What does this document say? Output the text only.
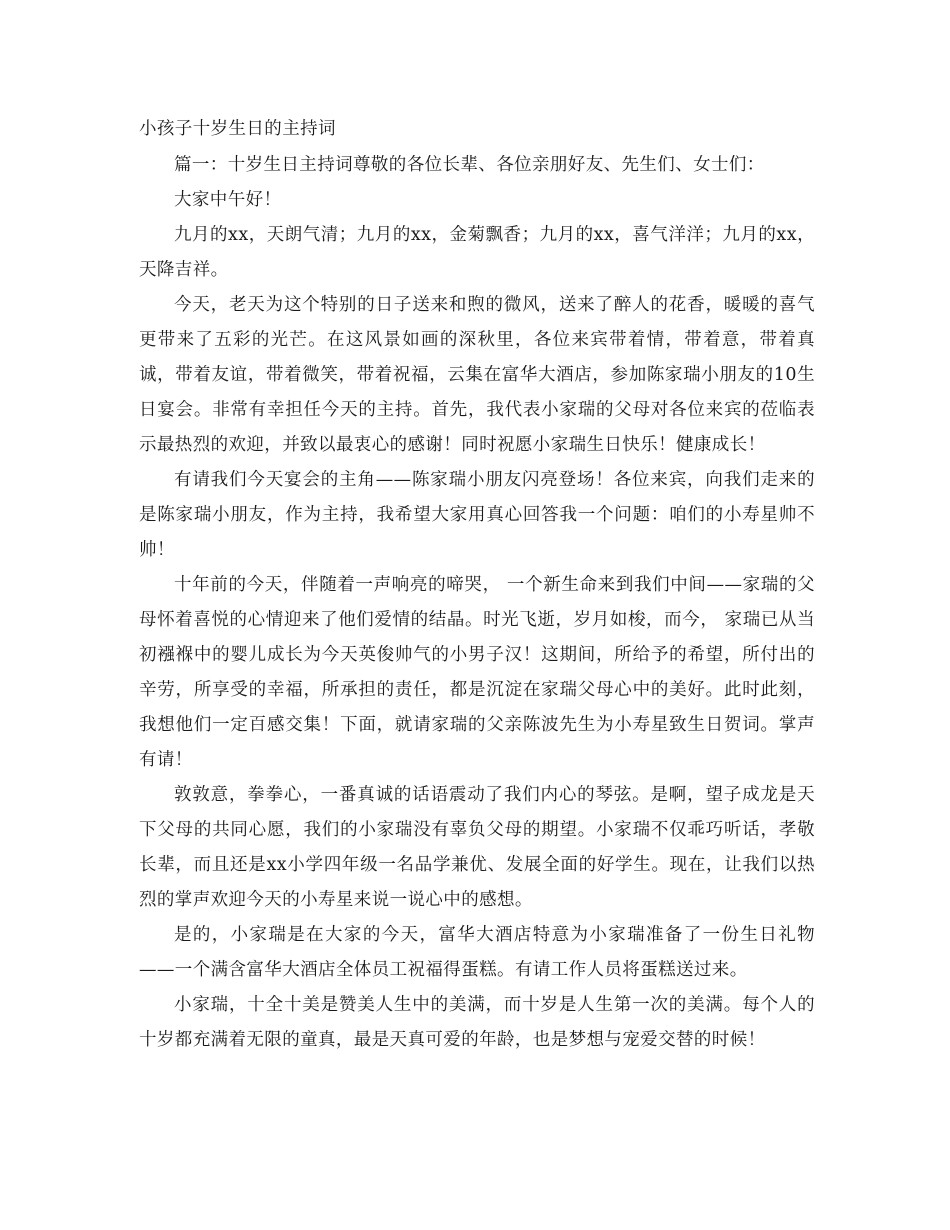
小孩子十岁生日的主持词

篇一：十岁生日主持词尊敬的各位长辈、各位亲朋好友、先生们、女士们：

大家中午好！

九月的xx，天朗气清；九月的xx，金菊飘香；九月的xx，喜气洋洋；九月的xx，天降吉祥。

今天，老天为这个特别的日子送来和煦的微风，送来了醉人的花香，暖暖的喜气更带来了五彩的光芒。在这风景如画的深秋里，各位来宾带着情，带着意，带着真诚，带着友谊，带着微笑，带着祝福，云集在富华大酒店，参加陈家瑞小朋友的10生日宴会。非常有幸担任今天的主持。首先，我代表小家瑞的父母对各位来宾的莅临表示最热烈的欢迎，并致以最衷心的感谢！同时祝愿小家瑞生日快乐！健康成长！

有请我们今天宴会的主角——陈家瑞小朋友闪亮登场！各位来宾，向我们走来的是陈家瑞小朋友，作为主持，我希望大家用真心回答我一个问题：咱们的小寿星帅不帅！

十年前的今天，伴随着一声响亮的啼哭， 一个新生命来到我们中间——家瑞的父母怀着喜悦的心情迎来了他们爱情的结晶。时光飞逝，岁月如梭，而今， 家瑞已从当初襁褓中的婴儿成长为今天英俊帅气的小男子汉！这期间，所给予的希望，所付出的辛劳，所享受的幸福，所承担的责任，都是沉淀在家瑞父母心中的美好。此时此刻，我想他们一定百感交集！下面，就请家瑞的父亲陈波先生为小寿星致生日贺词。掌声有请！

敦敦意，拳拳心，一番真诚的话语震动了我们内心的琴弦。是啊，望子成龙是天下父母的共同心愿，我们的小家瑞没有辜负父母的期望。小家瑞不仅乖巧听话，孝敬长辈，而且还是xx小学四年级一名品学兼优、发展全面的好学生。现在，让我们以热烈的掌声欢迎今天的小寿星来说一说心中的感想。

是的，小家瑞是在大家的今天，富华大酒店特意为小家瑞准备了一份生日礼物——一个满含富华大酒店全体员工祝福得蛋糕。有请工作人员将蛋糕送过来。

小家瑞，十全十美是赞美人生中的美满，而十岁是人生第一次的美满。每个人的十岁都充满着无限的童真，最是天真可爱的年龄，也是梦想与宠爱交替的时候！
